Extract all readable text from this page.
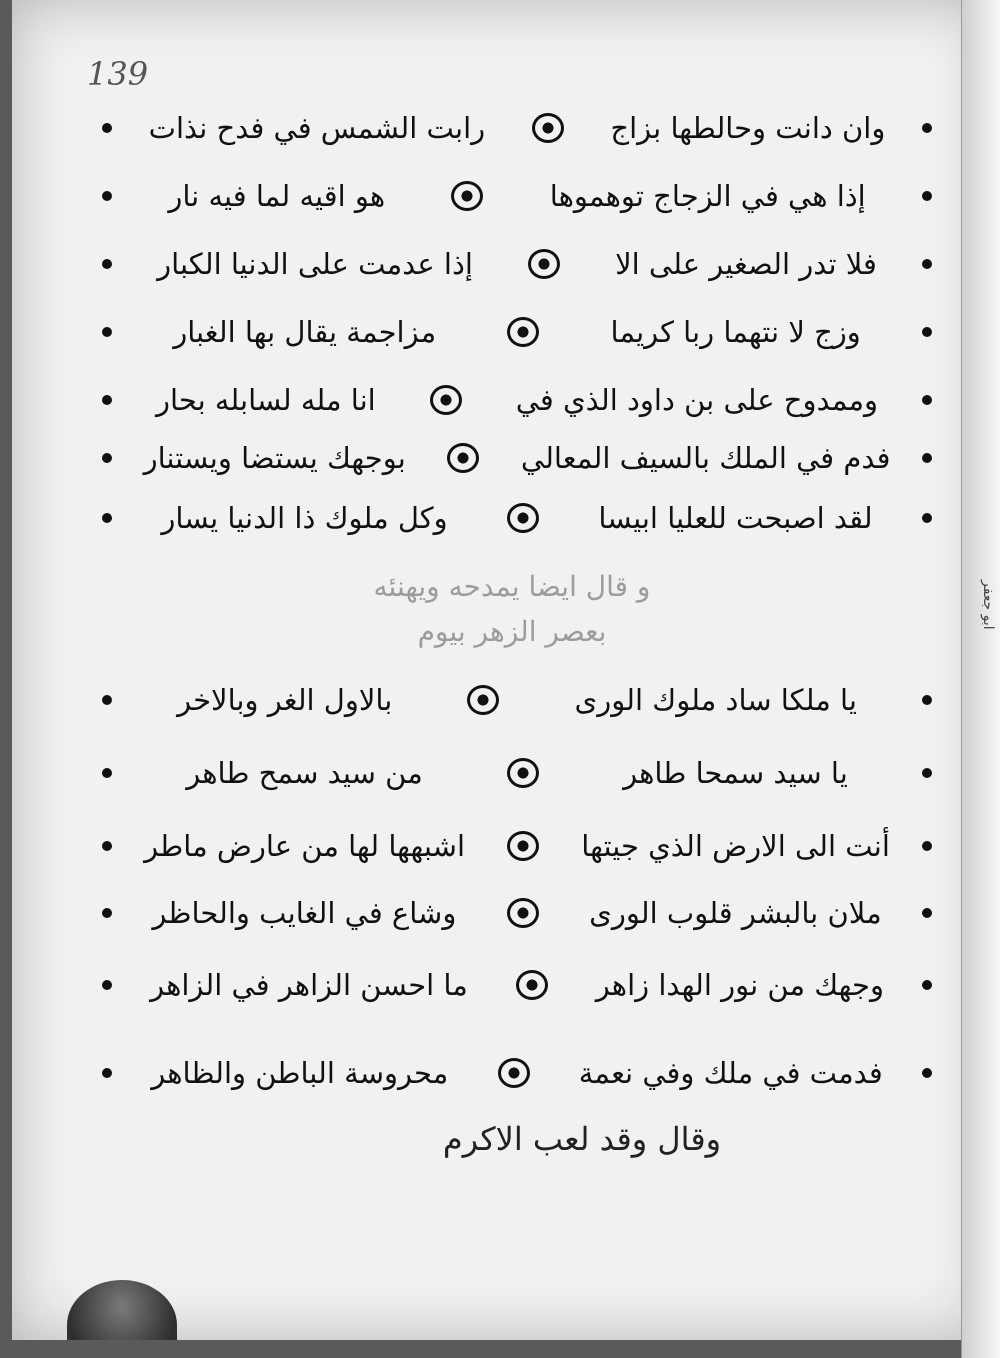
139
وان دانت وحالطها بزاج
رابت الشمس في فدح نذات
إذا هي في الزجاج توهموها
هو اقيه لما فيه نار
فلا تدر الصغير على الا
إذا عدمت على الدنيا الكبار
وزج لا نتهما ربا كريما
مزاجمة يقال بها الغبار
وممدوح على بن داود الذي في
انا مله لسابله بحار
فدم في الملك بالسيف المعالي
بوجهك يستضا ويستنار
لقد اصبحت للعليا ابيسا
وكل ملوك ذا الدنيا يسار
و قال ايضا يمدحه ويهنئه
بعصر الزهر بيوم
يا ملكا ساد ملوك الورى
بالاول الغر وبالاخر
يا سيد سمحا طاهر
من سيد سمح طاهر
أنت الى الارض الذي جيتها
اشبهها لها من عارض ماطر
ملان بالبشر قلوب الورى
وشاع في الغايب والحاظر
وجهك من نور الهدا زاهر
ما احسن الزاهر في الزاهر
فدمت في ملك وفي نعمة
محروسة الباطن والظاهر
وقال وقد لعب الاكرم
ابو جعفر
